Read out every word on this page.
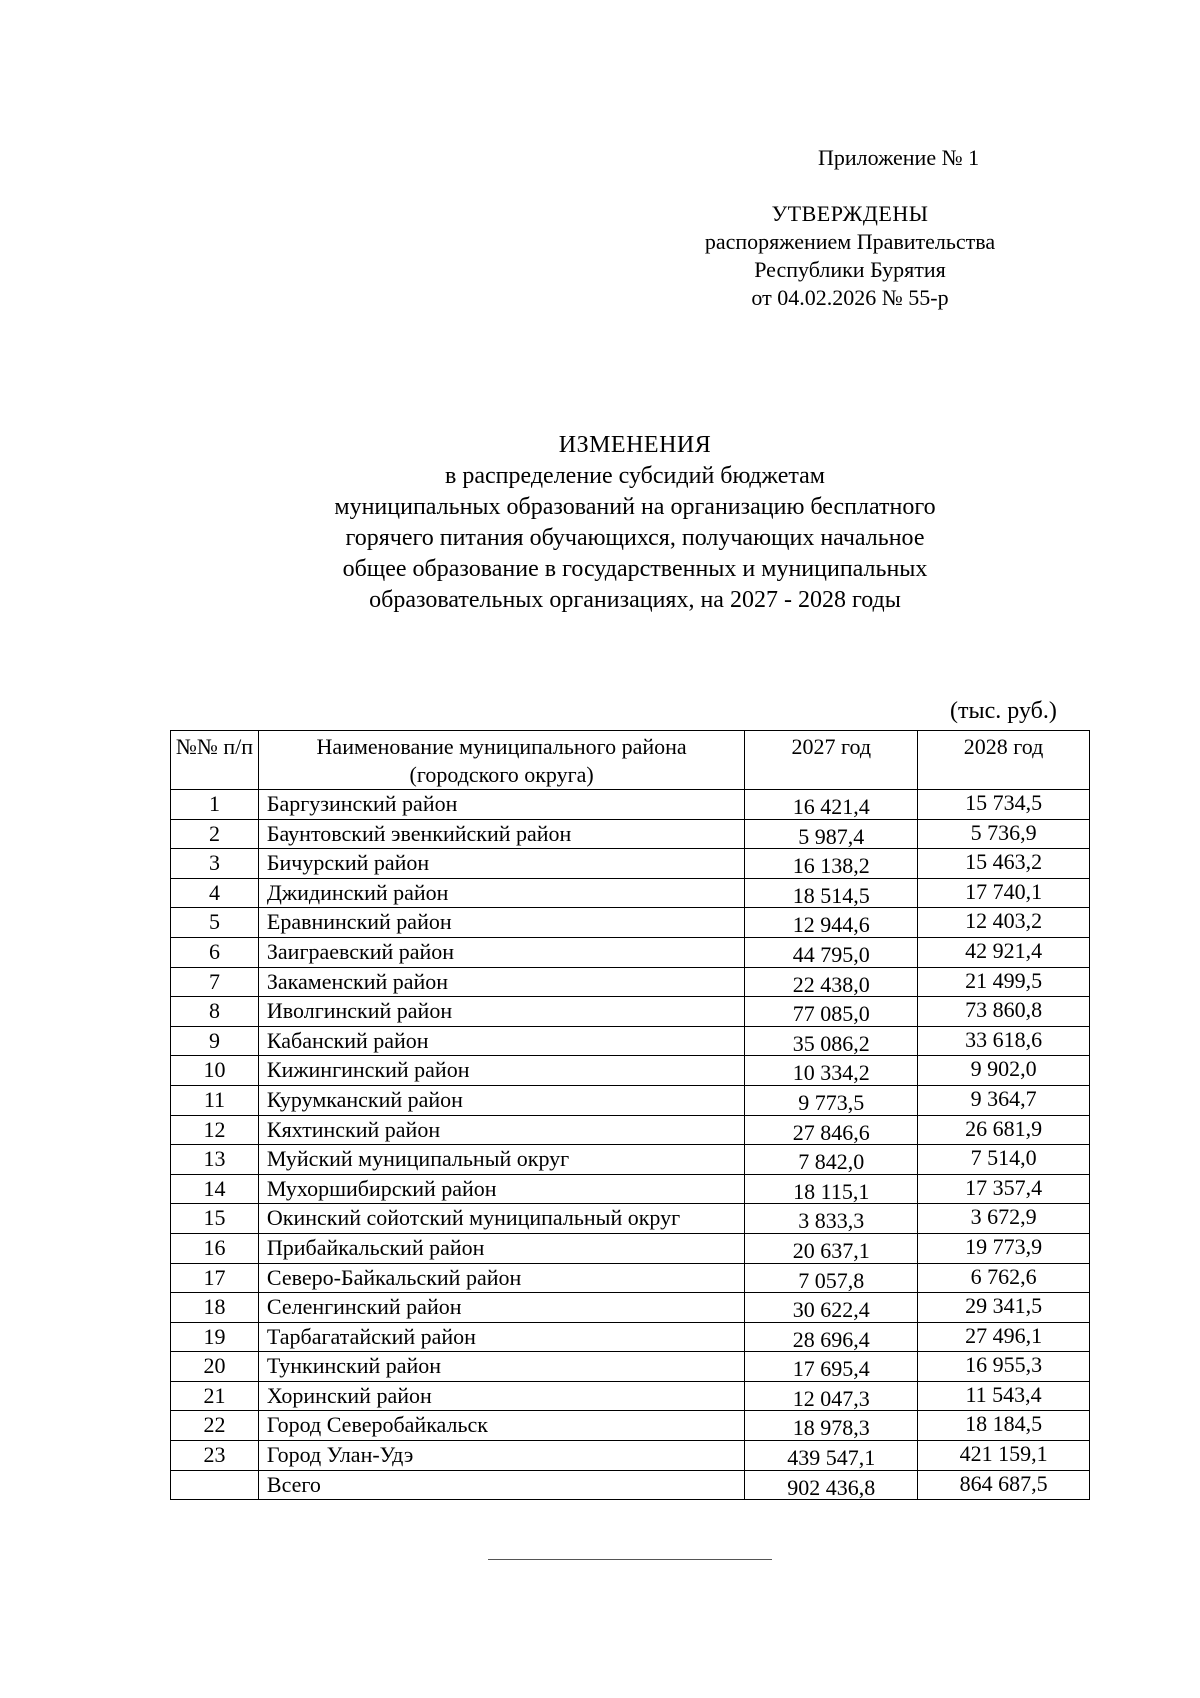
Приложение № 1
УТВЕРЖДЕНЫ
распоряжением Правительства
Республики Бурятия
от 04.02.2026 № 55-р
ИЗМЕНЕНИЯ
в распределение субсидий бюджетам
муниципальных образований на организацию бесплатного
горячего питания обучающихся, получающих начальное
общее образование в государственных и муниципальных
образовательных организациях, на 2027 - 2028 годы
(тыс. руб.)
№№ п/п	Наименование муниципального района (городского округа)	2027 год	2028 год
1	Баргузинский район	16 421,4	15 734,5
2	Баунтовский эвенкийский район	5 987,4	5 736,9
3	Бичурский район	16 138,2	15 463,2
4	Джидинский район	18 514,5	17 740,1
5	Еравнинский район	12 944,6	12 403,2
6	Заиграевский район	44 795,0	42 921,4
7	Закаменский район	22 438,0	21 499,5
8	Иволгинский район	77 085,0	73 860,8
9	Кабанский район	35 086,2	33 618,6
10	Кижингинский район	10 334,2	9 902,0
11	Курумканский район	9 773,5	9 364,7
12	Кяхтинский район	27 846,6	26 681,9
13	Муйский муниципальный округ	7 842,0	7 514,0
14	Мухоршибирский район	18 115,1	17 357,4
15	Окинский сойотский муниципальный округ	3 833,3	3 672,9
16	Прибайкальский район	20 637,1	19 773,9
17	Северо-Байкальский район	7 057,8	6 762,6
18	Селенгинский район	30 622,4	29 341,5
19	Тарбагатайский район	28 696,4	27 496,1
20	Тункинский район	17 695,4	16 955,3
21	Хоринский район	12 047,3	11 543,4
22	Город Северобайкальск	18 978,3	18 184,5
23	Город Улан-Удэ	439 547,1	421 159,1
	Всего	902 436,8	864 687,5
